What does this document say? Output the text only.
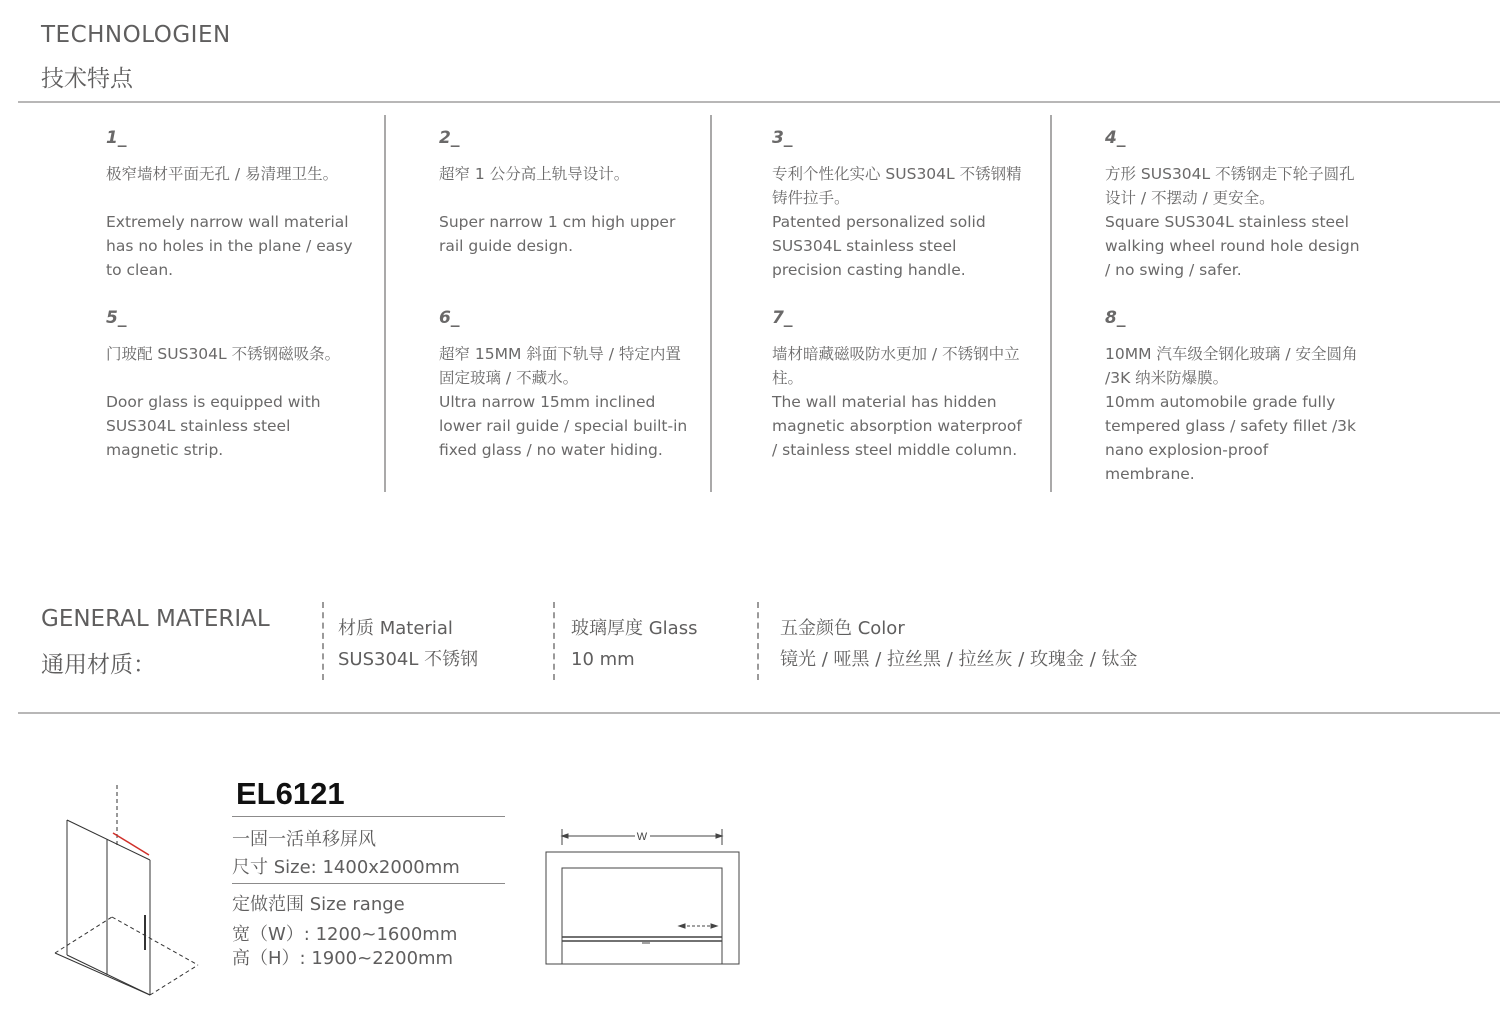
TECHNOLOGIEN
技术特点
1_
极窄墙材平面无孔 / 易清理卫生。
Extremely narrow wall material has no holes in the plane / easy to clean.
2_
超窄 1 公分高上轨导设计。
Super narrow 1 cm high upper rail guide design.
3_
专利个性化实心 SUS304L 不锈钢精铸件拉手。
Patented personalized solid SUS304L stainless steel precision casting handle.
4_
方形 SUS304L 不锈钢走下轮子圆孔设计 / 不摆动 / 更安全。
Square SUS304L stainless steel walking wheel round hole design / no swing / safer.
5_
门玻配 SUS304L 不锈钢磁吸条。
Door glass is equipped with SUS304L stainless steel magnetic strip.
6_
超窄 15MM 斜面下轨导 / 特定内置固定玻璃 / 不藏水。
Ultra narrow 15mm inclined lower rail guide / special built-in fixed glass / no water hiding.
7_
墙材暗藏磁吸防水更加 / 不锈钢中立柱。
The wall material has hidden magnetic absorption waterproof / stainless steel middle column.
8_
10MM 汽车级全钢化玻璃 / 安全圆角 /3K 纳米防爆膜。
10mm automobile grade fully tempered glass / safety fillet /3k nano explosion-proof membrane.
GENERAL MATERIAL
通用材质：
材质 Material
SUS304L 不锈钢
玻璃厚度 Glass
10 mm
五金颜色 Color
镜光 / 哑黑 / 拉丝黑 / 拉丝灰 / 玫瑰金 / 钛金
EL6121
一固一活单移屏风
尺寸 Size: 1400x2000mm
定做范围 Size range
宽（W）: 1200~1600mm
高（H）: 1900~2200mm
W
